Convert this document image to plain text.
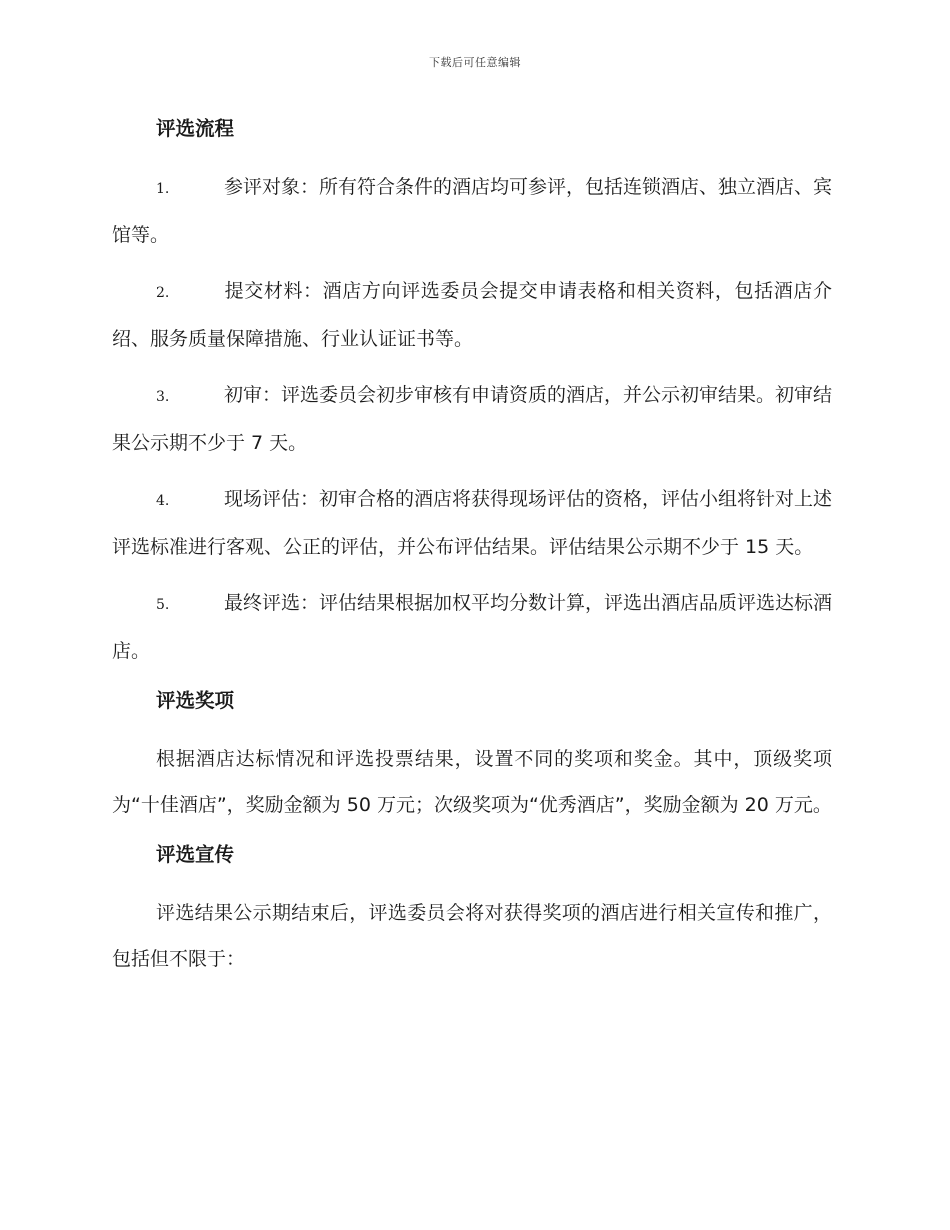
下载后可任意编辑
评选流程
1.	参评对象：所有符合条件的酒店均可参评，包括连锁酒店、独立酒店、宾馆等。
2.	提交材料：酒店方向评选委员会提交申请表格和相关资料，包括酒店介绍、服务质量保障措施、行业认证证书等。
3.	初审：评选委员会初步审核有申请资质的酒店，并公示初审结果。初审结果公示期不少于 7 天。
4.	现场评估：初审合格的酒店将获得现场评估的资格，评估小组将针对上述评选标准进行客观、公正的评估，并公布评估结果。评估结果公示期不少于 15 天。
5.	最终评选：评估结果根据加权平均分数计算，评选出酒店品质评选达标酒店。
评选奖项
根据酒店达标情况和评选投票结果，设置不同的奖项和奖金。其中，顶级奖项为“十佳酒店”，奖励金额为 50 万元；次级奖项为“优秀酒店”，奖励金额为 20 万元。
评选宣传
评选结果公示期结束后，评选委员会将对获得奖项的酒店进行相关宣传和推广，包括但不限于：
